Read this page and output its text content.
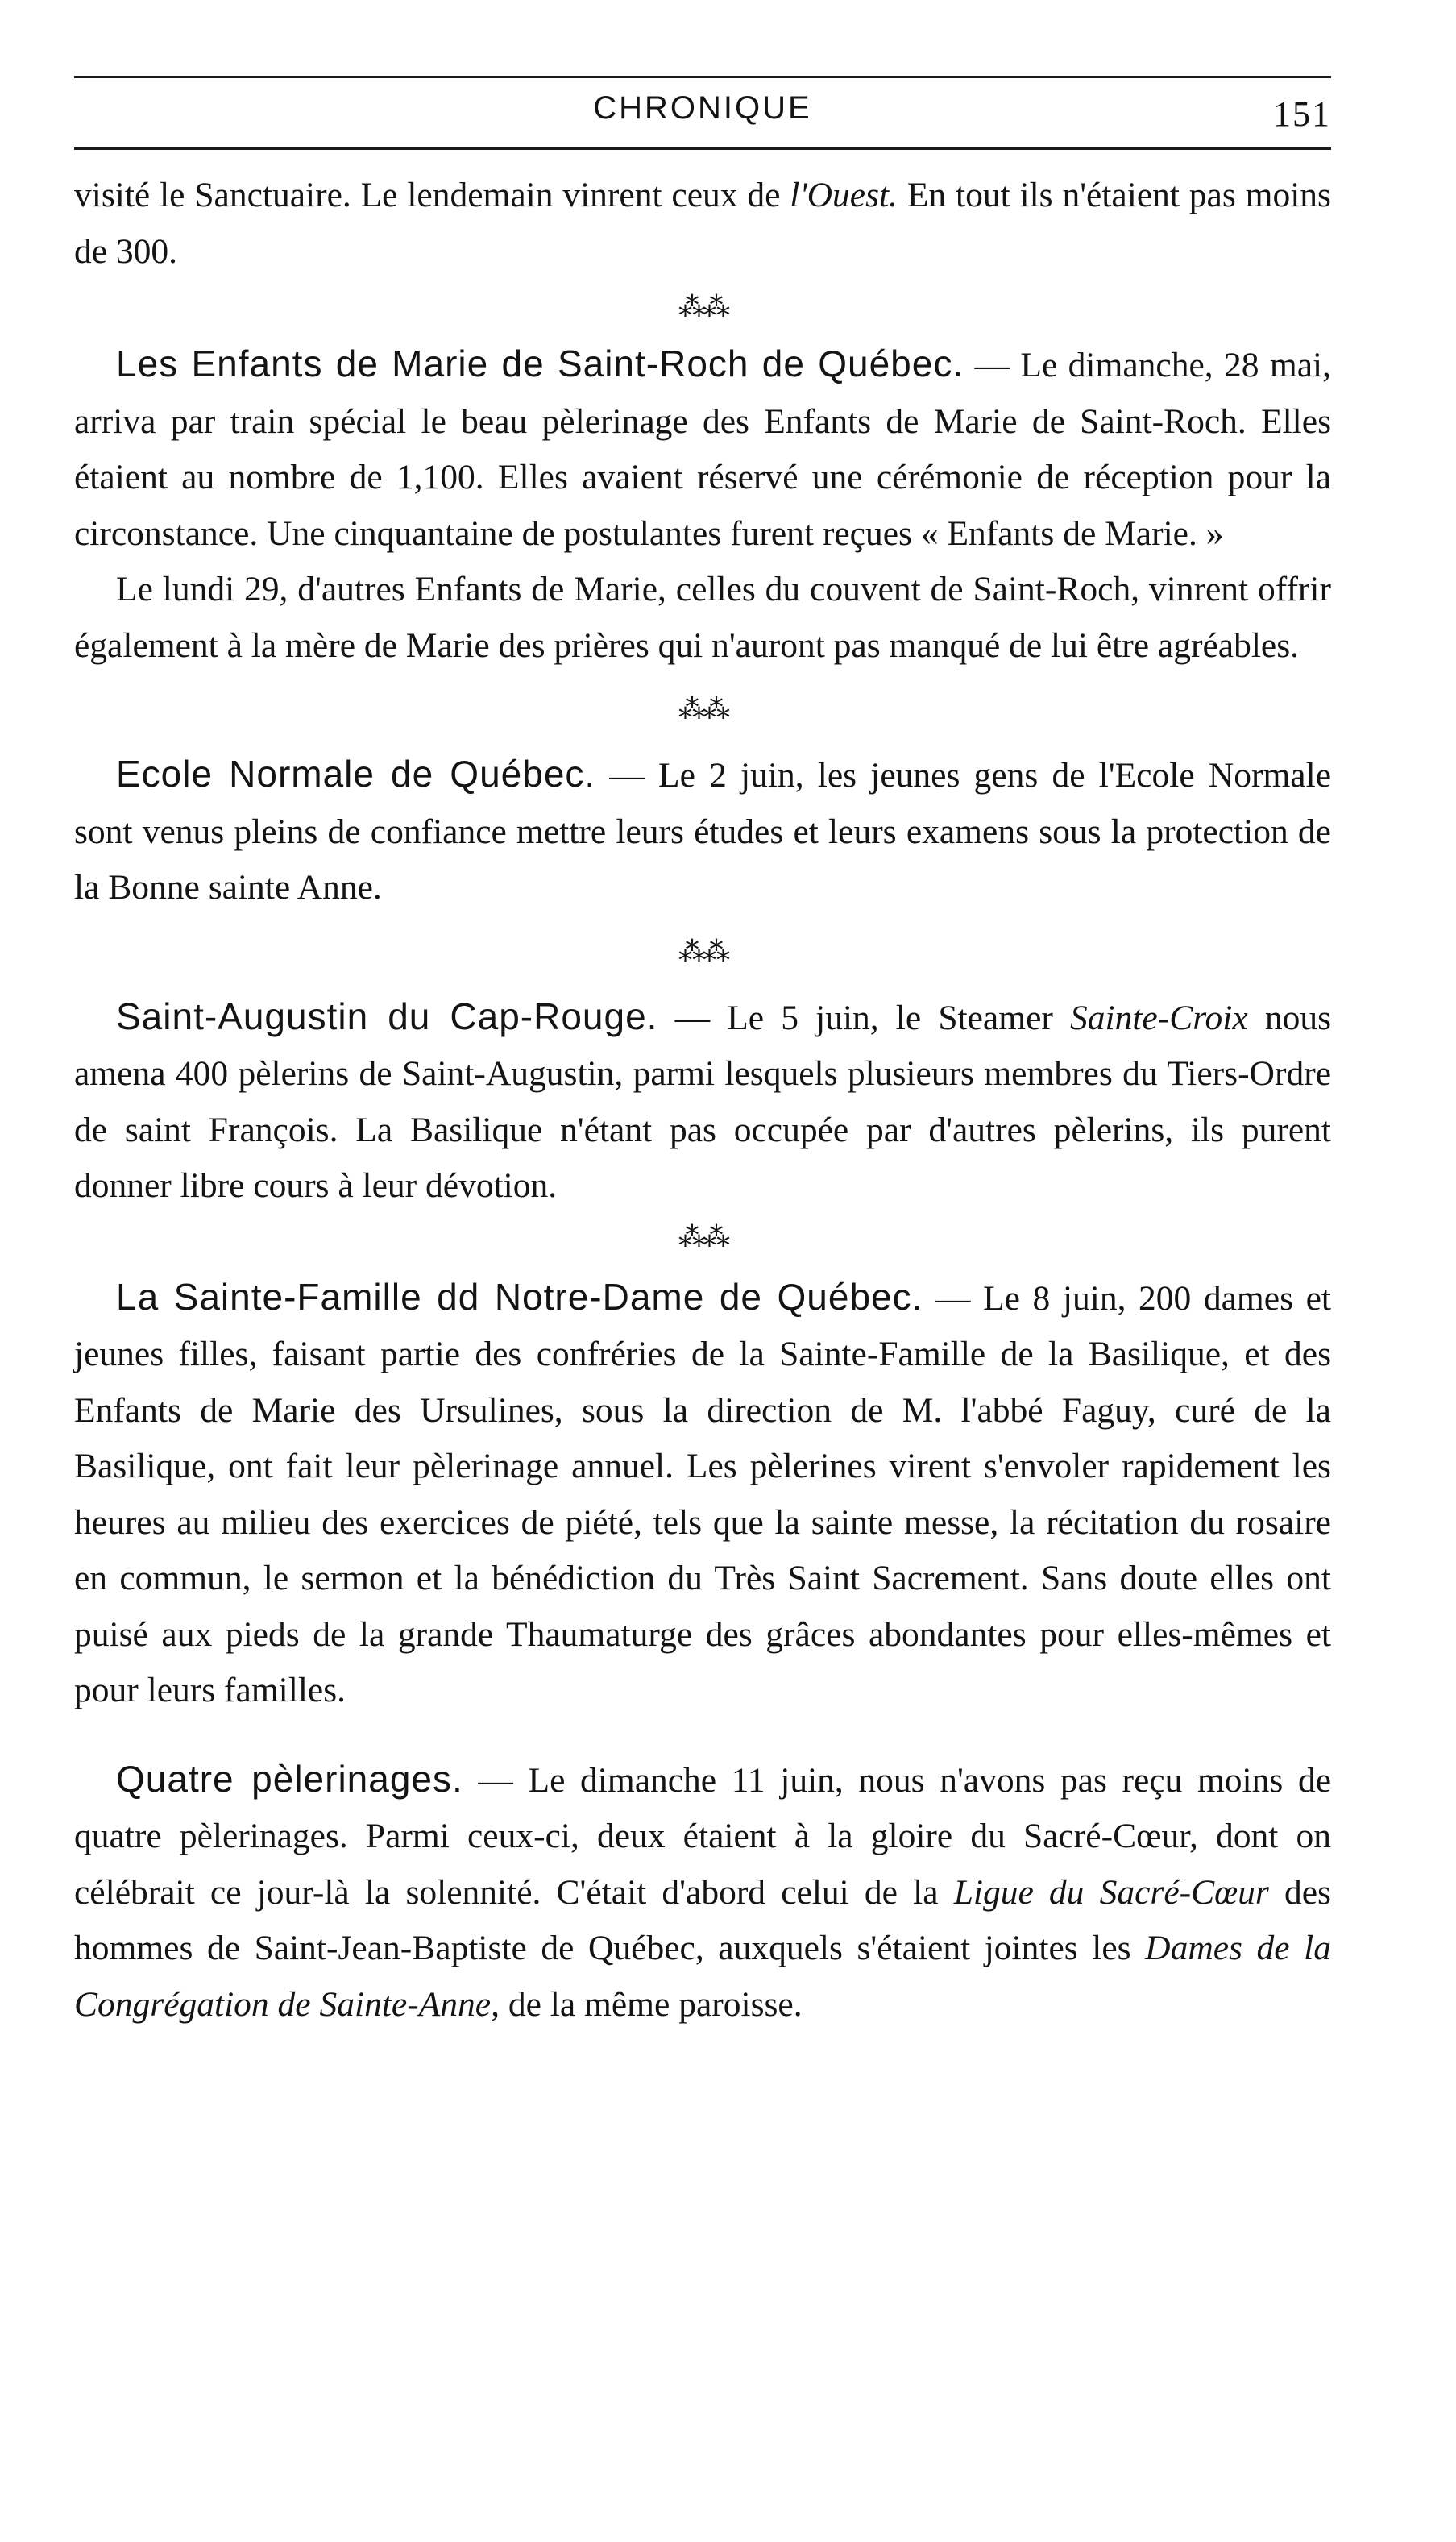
CHRONIQUE	151

visité le Sanctuaire. Le lendemain vinrent ceux de l'Ouest. En tout ils n'étaient pas moins de 300.

⁂⁂

Les Enfants de Marie de Saint-Roch de Québec. — Le dimanche, 28 mai, arriva par train spécial le beau pèlerinage des Enfants de Marie de Saint-Roch. Elles étaient au nombre de 1,100. Elles avaient réservé une cérémonie de réception pour la circonstance. Une cinquantaine de postulantes furent reçues « Enfants de Marie. »

Le lundi 29, d'autres Enfants de Marie, celles du couvent de Saint-Roch, vinrent offrir également à la mère de Marie des prières qui n'auront pas manqué de lui être agréables.

⁂⁂

Ecole Normale de Québec. — Le 2 juin, les jeunes gens de l'Ecole Normale sont venus pleins de confiance mettre leurs études et leurs examens sous la protection de la Bonne sainte Anne.

⁂⁂

Saint-Augustin du Cap-Rouge. — Le 5 juin, le Steamer Sainte-Croix nous amena 400 pèlerins de Saint-Augustin, parmi lesquels plusieurs membres du Tiers-Ordre de saint François. La Basilique n'étant pas occupée par d'autres pèlerins, ils purent donner libre cours à leur dévotion.

⁂⁂

La Sainte-Famille dd Notre-Dame de Québec. — Le 8 juin, 200 dames et jeunes filles, faisant partie des confréries de la Sainte-Famille de la Basilique, et des Enfants de Marie des Ursulines, sous la direction de M. l'abbé Faguy, curé de la Basilique, ont fait leur pèlerinage annuel. Les pèlerines virent s'envoler rapidement les heures au milieu des exercices de piété, tels que la sainte messe, la récitation du rosaire en commun, le sermon et la bénédiction du Très Saint Sacrement. Sans doute elles ont puisé aux pieds de la grande Thaumaturge des grâces abondantes pour elles-mêmes et pour leurs familles.

Quatre pèlerinages. — Le dimanche 11 juin, nous n'avons pas reçu moins de quatre pèlerinages. Parmi ceux-ci, deux étaient à la gloire du Sacré-Cœur, dont on célébrait ce jour-là la solennité. C'était d'abord celui de la Ligue du Sacré-Cœur des hommes de Saint-Jean-Baptiste de Québec, auxquels s'étaient jointes les Dames de la Congrégation de Sainte-Anne, de la même paroisse.
